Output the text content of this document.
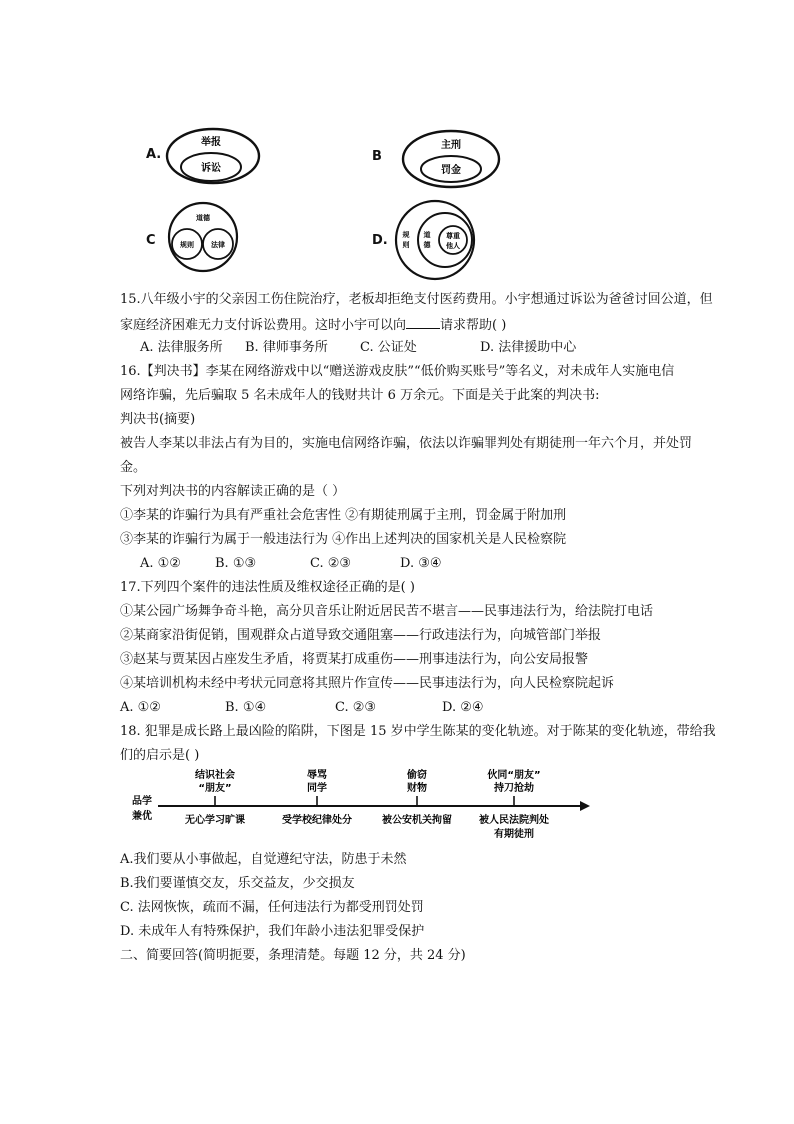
A.
举报
诉讼
B
主刑
罚金
C
道德
规则 法律	D. 规
则
道
德
尊重
他人
15.八年级小宇的父亲因工伤住院治疗，老板却拒绝支付医药费用。小宇想通过诉讼为爸爸讨回公道，但
家庭经济困难无力支付诉讼费用。这时小宇可以向	请求帮助( )
A. 法律服务所 B. 律师事务所 C. 公证处	D. 法律援助中心
16.【判决书】李某在网络游戏中以“赠送游戏皮肤”“低价购买账号”等名义，对未成年人实施电信
网络诈骗，先后骗取 5 名未成年人的钱财共计 6 万余元。下面是关于此案的判决书:
判决书(摘要)
被告人李某以非法占有为目的，实施电信网络诈骗，依法以诈骗罪判处有期徒刑一年六个月，并处罚
金。
下列对判决书的内容解读正确的是（ ）
①李某的诈骗行为具有严重社会危害性 ②有期徒刑属于主刑，罚金属于附加刑
③李某的诈骗行为属于一般违法行为 ④作出上述判决的国家机关是人民检察院
A. ①②	B. ①③	C. ②③	D. ③④
17.下列四个案件的违法性质及维权途径正确的是( )
①某公园广场舞争奇斗艳，高分贝音乐让附近居民苦不堪言——民事违法行为，给法院打电话
②某商家沿街促销，围观群众占道导致交通阻塞——行政违法行为，向城管部门举报
③赵某与贾某因占座发生矛盾，将贾某打成重伤——刑事违法行为，向公安局报警
④某培训机构未经中考状元同意将其照片作宣传——民事违法行为，向人民检察院起诉
A. ①②	B. ①④	C. ②③	D. ②④
18. 犯罪是成长路上最凶险的陷阱，下图是 15 岁中学生陈某的变化轨迹。对于陈某的变化轨迹，带给我
们的启示是( )
品学
兼优
结识社会
“朋友”
辱骂
同学
偷窃
财物
伙同“朋友”
持刀抢劫
无心学习旷课	受学校纪律处分	被公安机关拘留	被人民法院判处
有期徒刑
A.我们要从小事做起，自觉遵纪守法，防患于未然
B.我们要谨慎交友，乐交益友，少交损友
C. 法网恢恢，疏而不漏，任何违法行为都受刑罚处罚
D. 未成年人有特殊保护，我们年龄小违法犯罪受保护
二、简要回答(简明扼要，条理清楚。每题 12 分，共 24 分)
